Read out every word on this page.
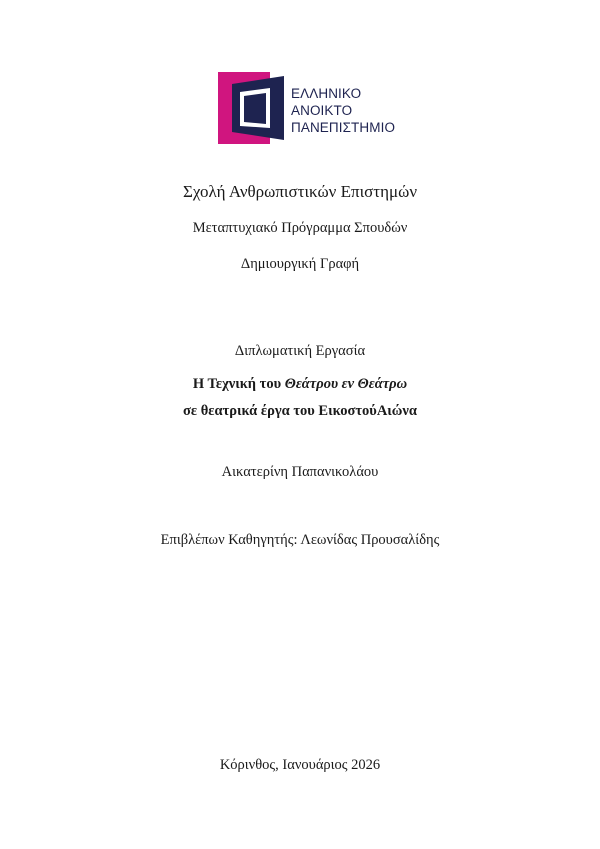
ΕΛΛΗΝΙΚΟ
ΑΝΟΙΚΤΟ
ΠΑΝΕΠΙΣΤΗΜΙΟ
Σχολή Ανθρωπιστικών Επιστημών
Μεταπτυχιακό Πρόγραμμα Σπουδών
Δημιουργική Γραφή
Διπλωματική Εργασία
Η Τεχνική του Θεάτρου εν Θεάτρω
σε θεατρικά έργα του ΕικοστούΑιώνα
Αικατερίνη Παπανικολάου
Επιβλέπων Καθηγητής: Λεωνίδας Προυσαλίδης
Κόρινθος, Ιανουάριος 2026
